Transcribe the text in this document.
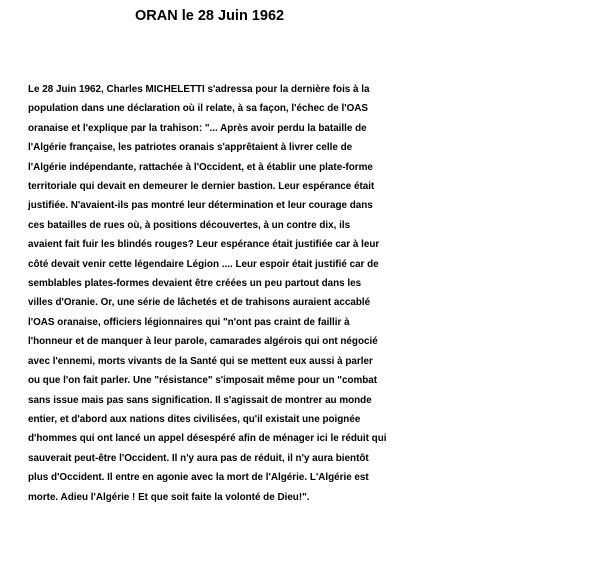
ORAN le 28 Juin 1962
Le 28 Juin 1962, Charles MICHELETTI s'adressa pour la dernière fois à la
population dans une déclaration où il relate, à sa façon, l'échec de l'OAS
oranaise et l'explique par la trahison: "... Après avoir perdu la bataille de
l'Algérie française, les patriotes oranais s'apprêtaient à livrer celle de
l'Algérie indépendante, rattachée à l'Occident, et à établir une plate-forme
territoriale qui devait en demeurer le dernier bastion. Leur espérance était
justifiée. N'avaient-ils pas montré leur détermination et leur courage dans
ces batailles de rues où, à positions découvertes, à un contre dix, ils
avaient fait fuir les blindés rouges? Leur espérance était justifiée car à leur
côté devait venir cette légendaire Légion .... Leur espoir était justifié car de
semblables plates-formes devaient être créées un peu partout dans les
villes d'Oranie. Or, une série de lâchetés et de trahisons auraient accablé
l'OAS oranaise, officiers légionnaires qui "n'ont pas craint de faillir à
l'honneur et de manquer à leur parole, camarades algérois qui ont négocié
avec l'ennemi, morts vivants de la Santé qui se mettent eux aussi à parler
ou que l'on fait parler. Une "résistance" s'imposait même pour un "combat
sans issue mais pas sans signification. Il s'agissait de montrer au monde
entier, et d'abord aux nations dites civilisées, qu'il existait une poignée
d'hommes qui ont lancé un appel désespéré afin de ménager ici le réduit qui
sauverait peut-être l'Occident. Il n'y aura pas de réduit, il n'y aura bientôt
plus d'Occident. Il entre en agonie avec la mort de l'Algérie. L'Algérie est
morte. Adieu l'Algérie ! Et que soit faite la volonté de Dieu!".
